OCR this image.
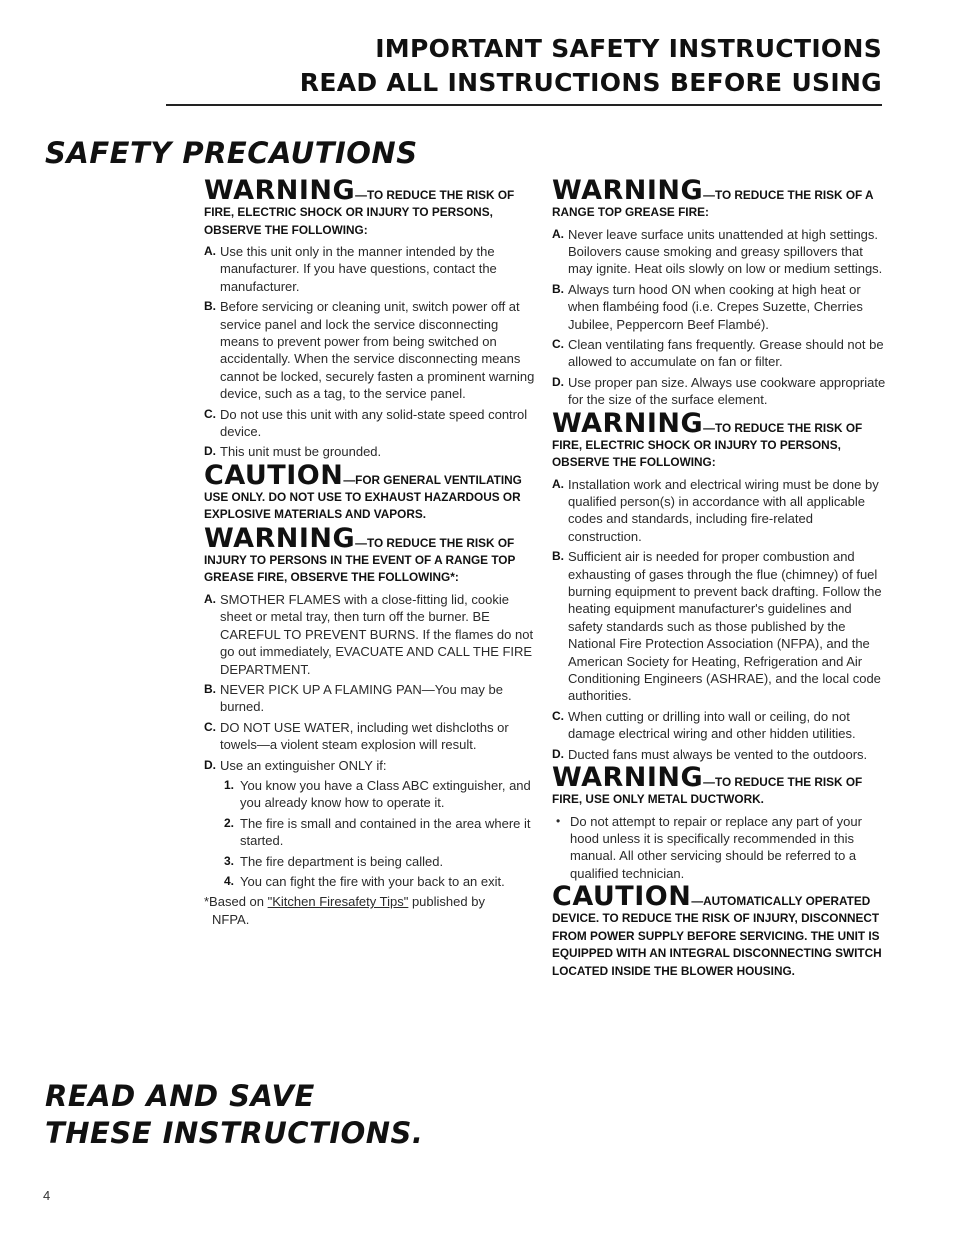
IMPORTANT SAFETY INSTRUCTIONS
READ ALL INSTRUCTIONS BEFORE USING
SAFETY PRECAUTIONS
WARNING—TO REDUCE THE RISK OF
FIRE, ELECTRIC SHOCK OR INJURY TO PERSONS, OBSERVE THE FOLLOWING:
A. Use this unit only in the manner intended by the manufacturer. If you have questions, contact the manufacturer.
B. Before servicing or cleaning unit, switch power off at service panel and lock the service disconnecting means to prevent power from being switched on accidentally. When the service disconnecting means cannot be locked, securely fasten a prominent warning device, such as a tag, to the service panel.
C. Do not use this unit with any solid-state speed control device.
D. This unit must be grounded.
CAUTION—FOR GENERAL VENTILATING
USE ONLY. DO NOT USE TO EXHAUST HAZARDOUS OR EXPLOSIVE MATERIALS AND VAPORS.
WARNING—TO REDUCE THE RISK OF
INJURY TO PERSONS IN THE EVENT OF A RANGE TOP GREASE FIRE, OBSERVE THE FOLLOWING*:
A. SMOTHER FLAMES with a close-fitting lid, cookie sheet or metal tray, then turn off the burner. BE CAREFUL TO PREVENT BURNS. If the flames do not go out immediately, EVACUATE AND CALL THE FIRE DEPARTMENT.
B. NEVER PICK UP A FLAMING PAN—You may be burned.
C. DO NOT USE WATER, including wet dishcloths or towels—a violent steam explosion will result.
D. Use an extinguisher ONLY if:
1. You know you have a Class ABC extinguisher, and you already know how to operate it.
2. The fire is small and contained in the area where it started.
3. The fire department is being called.
4. You can fight the fire with your back to an exit.
*Based on "Kitchen Firesafety Tips" published by
NFPA.
WARNING—TO REDUCE THE RISK OF A
RANGE TOP GREASE FIRE:
A. Never leave surface units unattended at high settings. Boilovers cause smoking and greasy spillovers that may ignite. Heat oils slowly on low or medium settings.
B. Always turn hood ON when cooking at high heat or when flambéing food (i.e. Crepes Suzette, Cherries Jubilee, Peppercorn Beef Flambé).
C. Clean ventilating fans frequently. Grease should not be allowed to accumulate on fan or filter.
D. Use proper pan size. Always use cookware appropriate for the size of the surface element.
WARNING—TO REDUCE THE RISK OF
FIRE, ELECTRIC SHOCK OR INJURY TO PERSONS, OBSERVE THE FOLLOWING:
A. Installation work and electrical wiring must be done by qualified person(s) in accordance with all applicable codes and standards, including fire-related construction.
B. Sufficient air is needed for proper combustion and exhausting of gases through the flue (chimney) of fuel burning equipment to prevent back drafting. Follow the heating equipment manufacturer's guidelines and safety standards such as those published by the National Fire Protection Association (NFPA), and the American Society for Heating, Refrigeration and Air Conditioning Engineers (ASHRAE), and the local code authorities.
C. When cutting or drilling into wall or ceiling, do not damage electrical wiring and other hidden utilities.
D. Ducted fans must always be vented to the outdoors.
WARNING—TO REDUCE THE RISK OF
FIRE, USE ONLY METAL DUCTWORK.
• Do not attempt to repair or replace any part of your hood unless it is specifically recommended in this manual. All other servicing should be referred to a qualified technician.
CAUTION—AUTOMATICALLY OPERATED
DEVICE. TO REDUCE THE RISK OF INJURY, DISCONNECT FROM POWER SUPPLY BEFORE SERVICING. THE UNIT IS EQUIPPED WITH AN INTEGRAL DISCONNECTING SWITCH LOCATED INSIDE THE BLOWER HOUSING.
READ AND SAVE
THESE INSTRUCTIONS.
4
